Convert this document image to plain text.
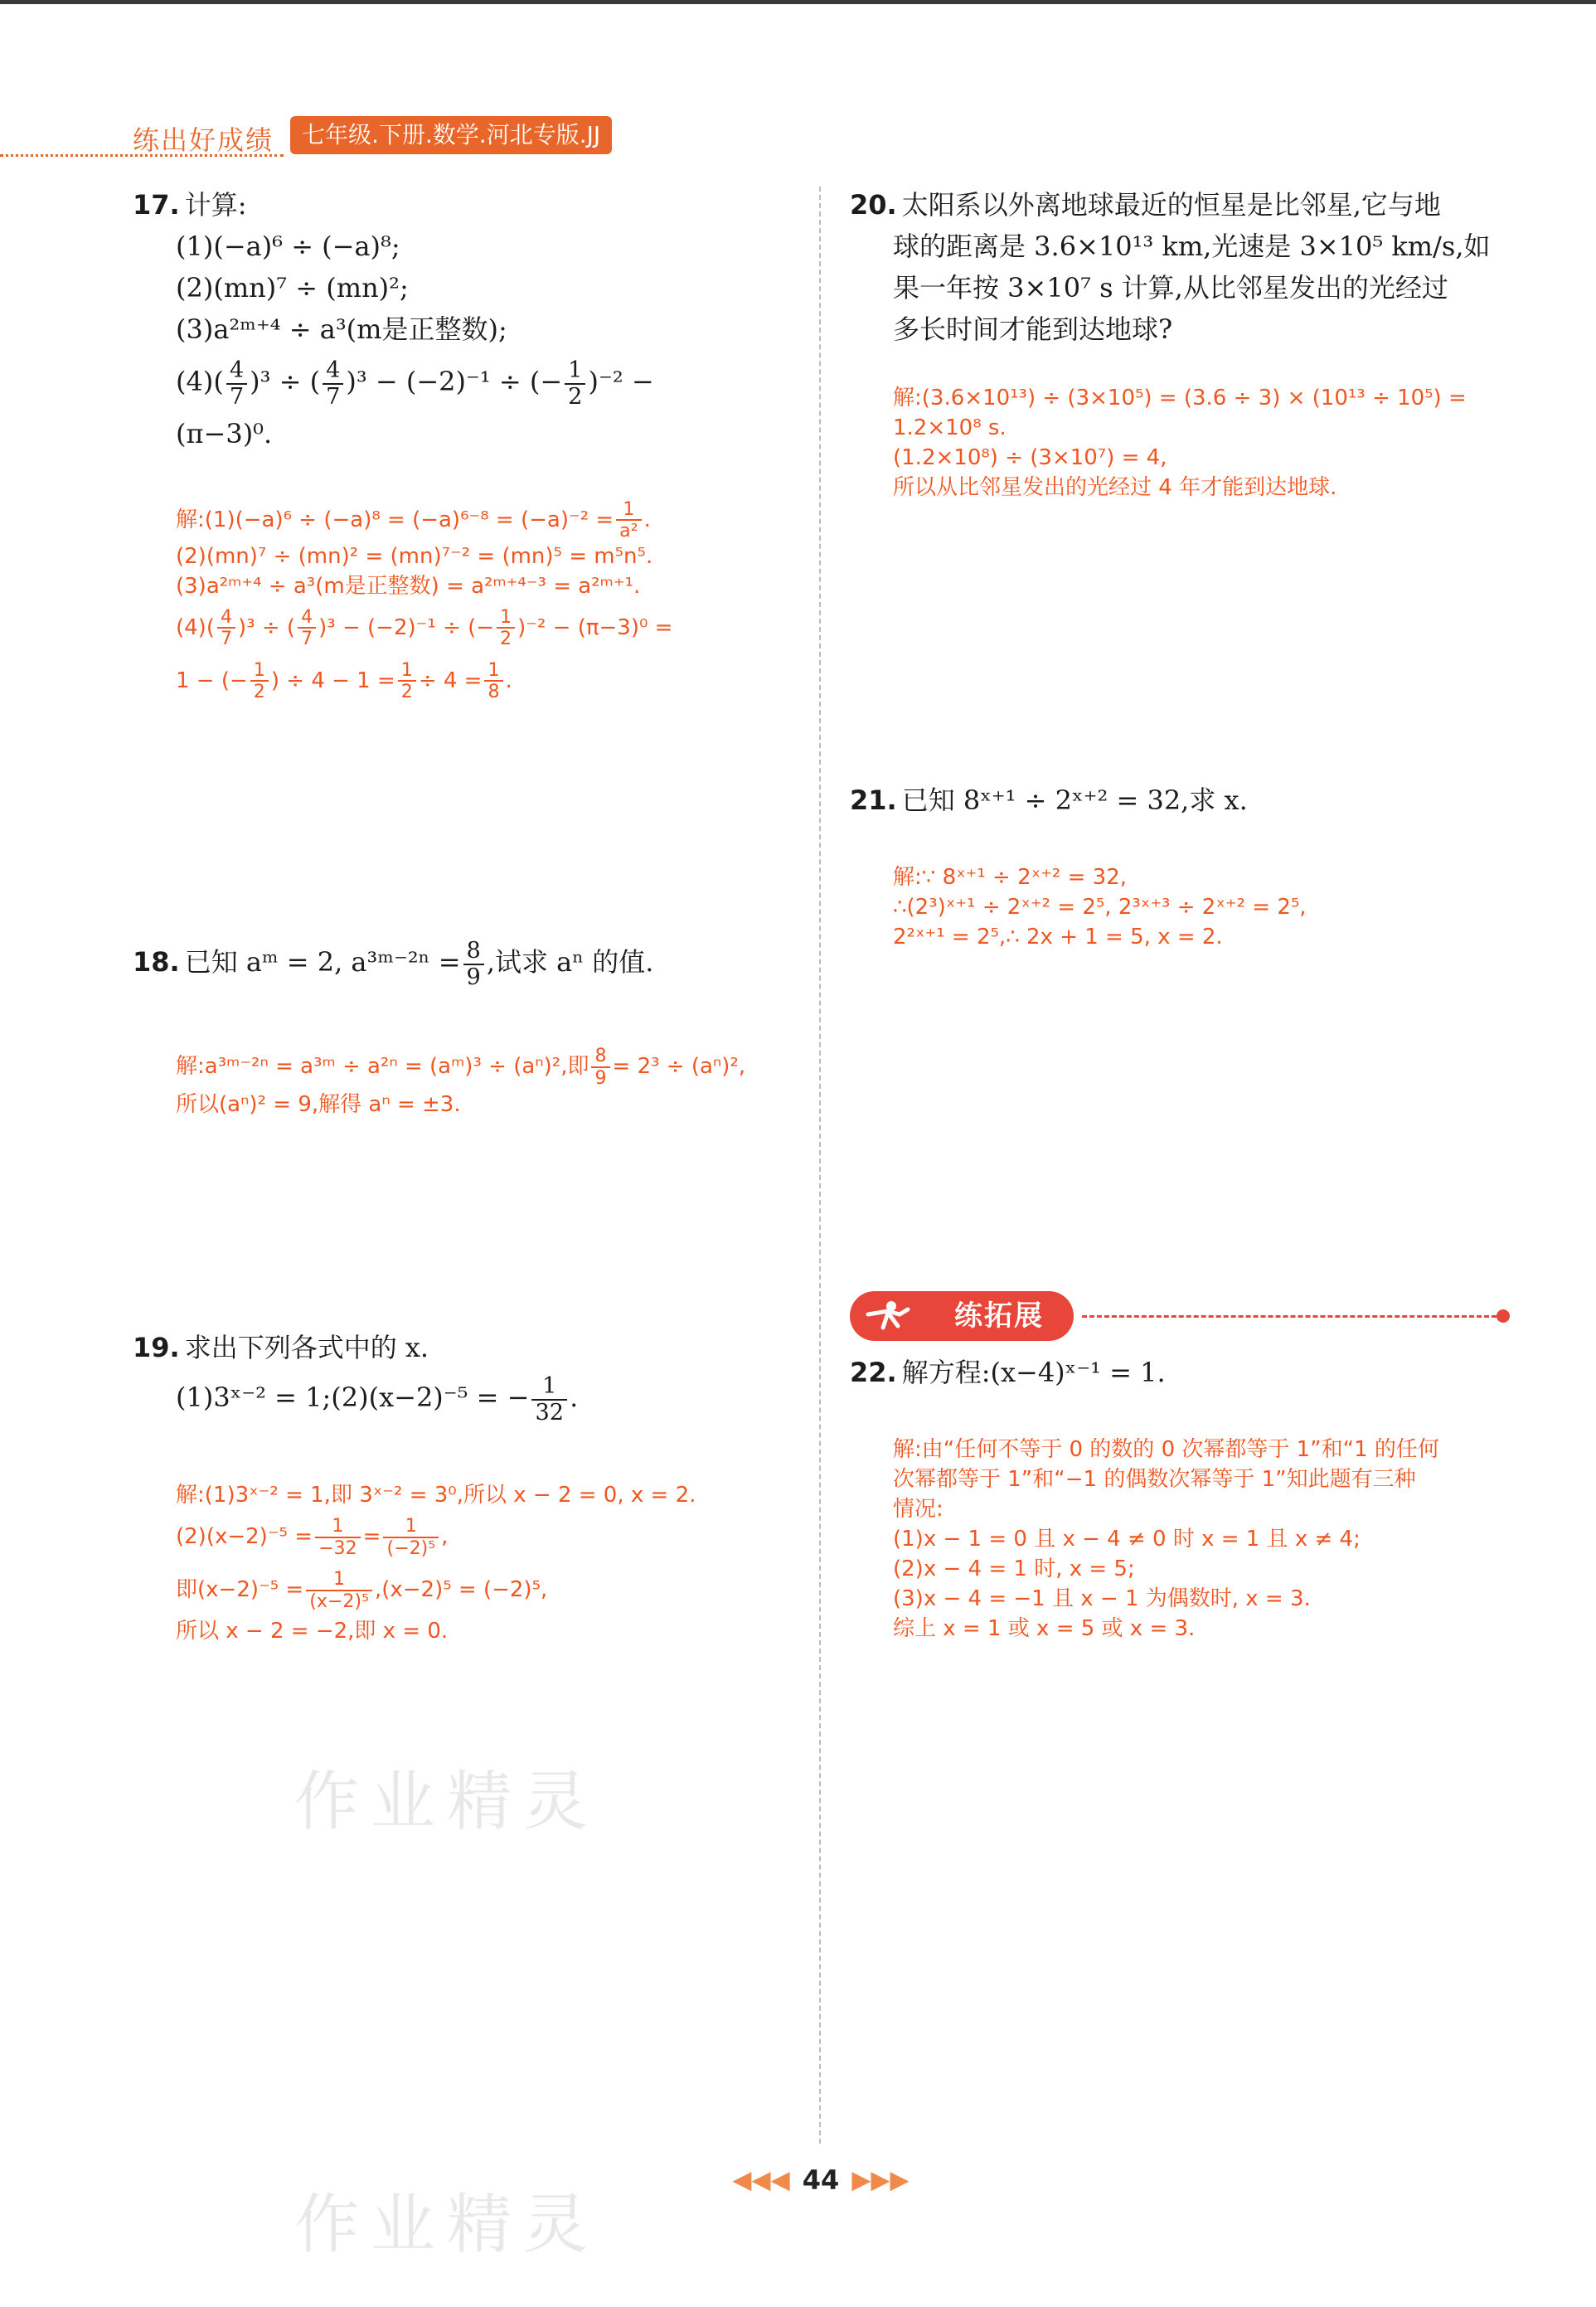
练出好成绩	七年级.下册.数学.河北专版.JJ
17. 计算:
(1)(−a)⁶ ÷ (−a)⁸;
(2)(mn)⁷ ÷ (mn)²;
(3)a²ᵐ⁺⁴ ÷ a³(m是正整数);
$(4)( \frac{4}{7} )^3$ ÷ ( $\frac{4}{7} )^3 - (-2)^{-1}$ ÷ (− $\frac{1}{2} )^{-2}$ −
(π−3)⁰.
解:(1)(−a)⁶ ÷ $(-a)^8 = (-a)^{6-8} = (-a)^{-2} = \frac{1}{\text{a²}}$ .
(2)(mn)⁷ ÷ (mn)² = (mn)⁷⁻² = (mn)⁵ = m⁵n⁵.
(3)a²ᵐ⁺⁴ ÷ a³(m是正整数) = a²ᵐ⁺⁴⁻³ = a²ᵐ⁺¹.
$(4)( \frac{4}{7} )^3$ ÷ ( $\frac{4}{7} )^3 - (-2)^{-1}$ ÷ (− $\frac{1}{2} )^{-2} - (\pi-3)^0$ =
1 − (− $\frac{1}{2}$ ) ÷ $4 - 1 = \frac{1}{2} \div 4 = \frac{1}{8}$ .
18. 已知 aᵐ = 2, a³ᵐ⁻²ⁿ = $\frac{8}{9}$ ,试求 aⁿ 的值.
解:a³ᵐ⁻²ⁿ = a³ᵐ ÷ a²ⁿ = (aᵐ)³ ÷ (aⁿ)²,即 $\frac{8}{9} = 2^3 \div (a^n)^2$,
所以(aⁿ)² = 9,解得 aⁿ = ±3.
19. 求出下列各式中的 x.
(1)3ˣ⁻² = 1;(2)(x−2)⁻⁵ = − $\frac{1}{32}$ .
解:(1)3ˣ⁻² = 1,即 3ˣ⁻² = 3⁰,所以 x − 2 = 0, x = 2.
$(2)(x-2)^{-5} = \frac{1}{-32} = \frac{1}{\text{(−2)⁵}}$ ,
即$(x-2)^{-5} = \frac{1}{\text{(x−2)⁵}} ,(x-2)^5 = (-2)^5$,
所以 x − 2 = −2,即 x = 0.
20. 太阳系以外离地球最近的恒星是比邻星,它与地
球的距离是 3.6×10¹³ km,光速是 3×10⁵ km/s,如
果一年按 3×10⁷ s 计算,从比邻星发出的光经过
多长时间才能到达地球?
解:(3.6×10¹³) ÷ (3×10⁵) = (3.6 ÷ 3) × (10¹³ ÷ 10⁵) =
1.2×10⁸ s.
(1.2×10⁸) ÷ (3×10⁷) = 4,
所以从比邻星发出的光经过 4 年才能到达地球.
21. 已知 8ˣ⁺¹ ÷ 2ˣ⁺² = 32,求 x.
解:∵ 8ˣ⁺¹ ÷ 2ˣ⁺² = 32,
∴(2³)ˣ⁺¹ ÷ 2ˣ⁺² = 2⁵, 2³ˣ⁺³ ÷ 2ˣ⁺² = 2⁵,
2²ˣ⁺¹ = 2⁵,∴ 2x + 1 = 5, x = 2.
练拓展
22. 解方程:(x−4)ˣ⁻¹ = 1.
解:由“任何不等于 0 的数的 0 次幂都等于 1”和“1 的任何
次幂都等于 1”和“−1 的偶数次幂等于 1”知此题有三种
情况:
(1)x − 1 = 0 且 x − 4 ≠ 0 时 x = 1 且 x ≠ 4;
(2)x − 4 = 1 时, x = 5;
(3)x − 4 = −1 且 x − 1 为偶数时, x = 3.
综上 x = 1 或 x = 5 或 x = 3.
作业精灵
作业精灵
◀◀◀ 44 ▶▶▶
